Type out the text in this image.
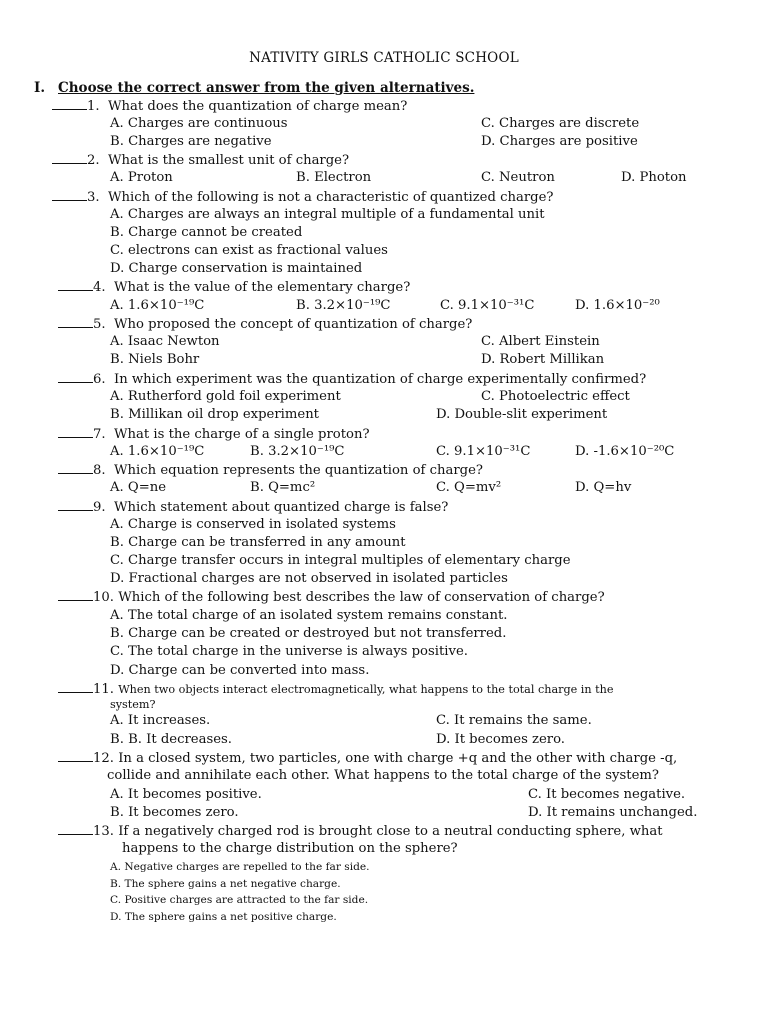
NATIVITY GIRLS CATHOLIC SCHOOL
I. Choose the correct answer from the given alternatives.
1. What does the quantization of charge mean?
A. Charges are continuous	C. Charges are discrete
B. Charges are negative	D. Charges are positive
2. What is the smallest unit of charge?
A. Proton	B. Electron	C. Neutron	D. Photon
3. Which of the following is not a characteristic of quantized charge?
A. Charges are always an integral multiple of a fundamental unit
B. Charge cannot be created
C. electrons can exist as fractional values
D. Charge conservation is maintained
4. What is the value of the elementary charge?
A. 1.6×10⁻¹⁹C	B. 3.2×10⁻¹⁹C	C. 9.1×10⁻³¹C	D. 1.6×10⁻²⁰
5. Who proposed the concept of quantization of charge?
A. Isaac Newton	C. Albert Einstein
B. Niels Bohr	D. Robert Millikan
6. In which experiment was the quantization of charge experimentally confirmed?
A. Rutherford gold foil experiment	C. Photoelectric effect
B. Millikan oil drop experiment	D. Double-slit experiment
7. What is the charge of a single proton?
A. 1.6×10⁻¹⁹C	B. 3.2×10⁻¹⁹C	C. 9.1×10⁻³¹C	D. -1.6×10⁻²⁰C
8. Which equation represents the quantization of charge?
A. Q=ne	B. Q=mc²	C. Q=mv²	D. Q=hv
9. Which statement about quantized charge is false?
A. Charge is conserved in isolated systems
B. Charge can be transferred in any amount
C. Charge transfer occurs in integral multiples of elementary charge
D. Fractional charges are not observed in isolated particles
10. Which of the following best describes the law of conservation of charge?
A. The total charge of an isolated system remains constant.
B. Charge can be created or destroyed but not transferred.
C. The total charge in the universe is always positive.
D. Charge can be converted into mass.
11. When two objects interact electromagnetically, what happens to the total charge in the
system?
A. It increases.	C. It remains the same.
B. B. It decreases.	D. It becomes zero.
12. In a closed system, two particles, one with charge +q and the other with charge -q,
collide and annihilate each other. What happens to the total charge of the system?
A. It becomes positive.	C. It becomes negative.
B. It becomes zero.	D. It remains unchanged.
13. If a negatively charged rod is brought close to a neutral conducting sphere, what
happens to the charge distribution on the sphere?
A. Negative charges are repelled to the far side.
B. The sphere gains a net negative charge.
C. Positive charges are attracted to the far side.
D. The sphere gains a net positive charge.
